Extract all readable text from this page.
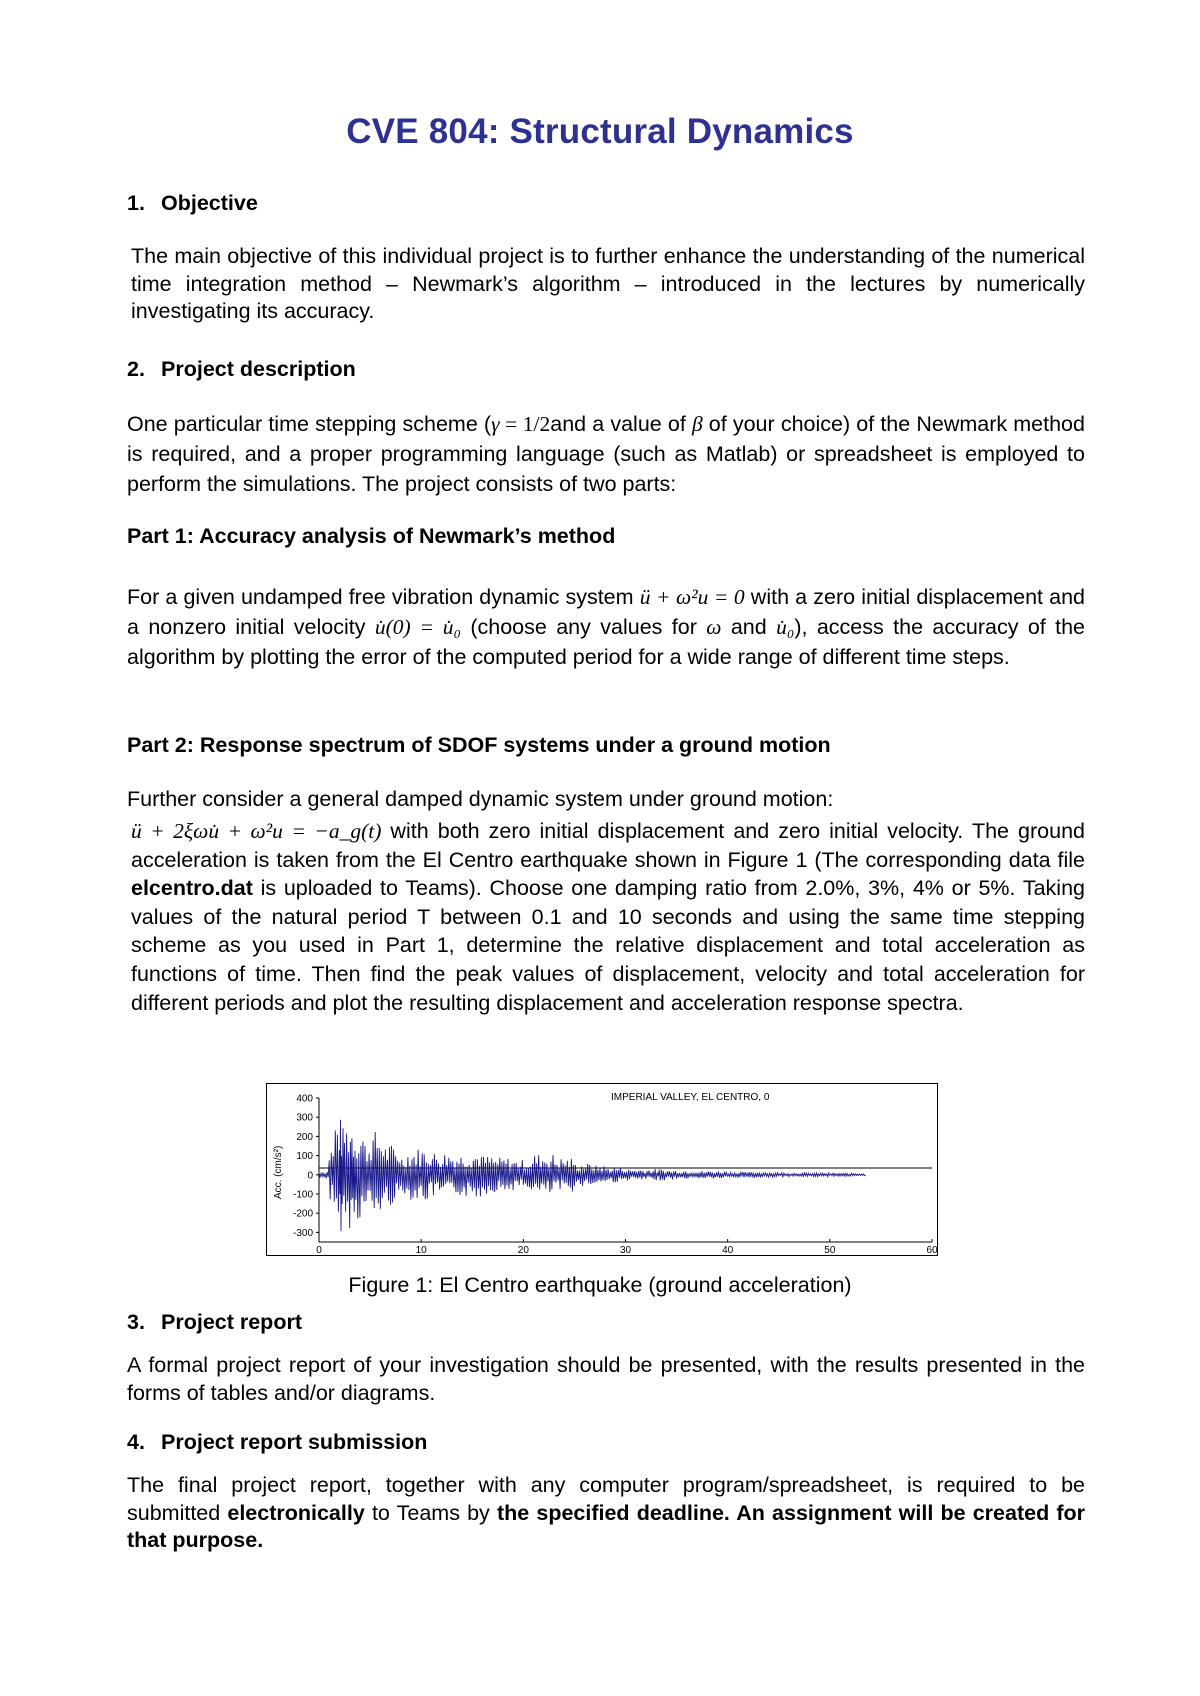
CVE 804: Structural Dynamics
1. Objective
The main objective of this individual project is to further enhance the understanding of the numerical time integration method – Newmark’s algorithm – introduced in the lectures by numerically investigating its accuracy.
2. Project description
One particular time stepping scheme (γ = 1/2and a value of β of your choice) of the Newmark method is required, and a proper programming language (such as Matlab) or spreadsheet is employed to perform the simulations. The project consists of two parts:
Part 1: Accuracy analysis of Newmark’s method
For a given undamped free vibration dynamic system ü + ω²u = 0 with a zero initial displacement and a nonzero initial velocity u̇(0) = u̇₀ (choose any values for ω and u̇₀), access the accuracy of the algorithm by plotting the error of the computed period for a wide range of different time steps.
Part 2: Response spectrum of SDOF systems under a ground motion
Further consider a general damped dynamic system under ground motion:
ü + 2ξωu̇ + ω²u = −a_g(t) with both zero initial displacement and zero initial velocity. The ground acceleration is taken from the El Centro earthquake shown in Figure 1 (The corresponding data file elcentro.dat is uploaded to Teams). Choose one damping ratio from 2.0%, 3%, 4% or 5%. Taking values of the natural period T between 0.1 and 10 seconds and using the same time stepping scheme as you used in Part 1, determine the relative displacement and total acceleration as functions of time. Then find the peak values of displacement, velocity and total acceleration for different periods and plot the resulting displacement and acceleration response spectra.
IMPERIAL VALLEY, EL CENTRO, 0
Acc. (cm/s²)
400
300
200
100
0
-100
-200
-300
0	10	20	30	40	50	60
Figure 1: El Centro earthquake (ground acceleration)
3. Project report
A formal project report of your investigation should be presented, with the results presented in the forms of tables and/or diagrams.
4. Project report submission
The final project report, together with any computer program/spreadsheet, is required to be submitted electronically to Teams by the specified deadline. An assignment will be created for that purpose.
